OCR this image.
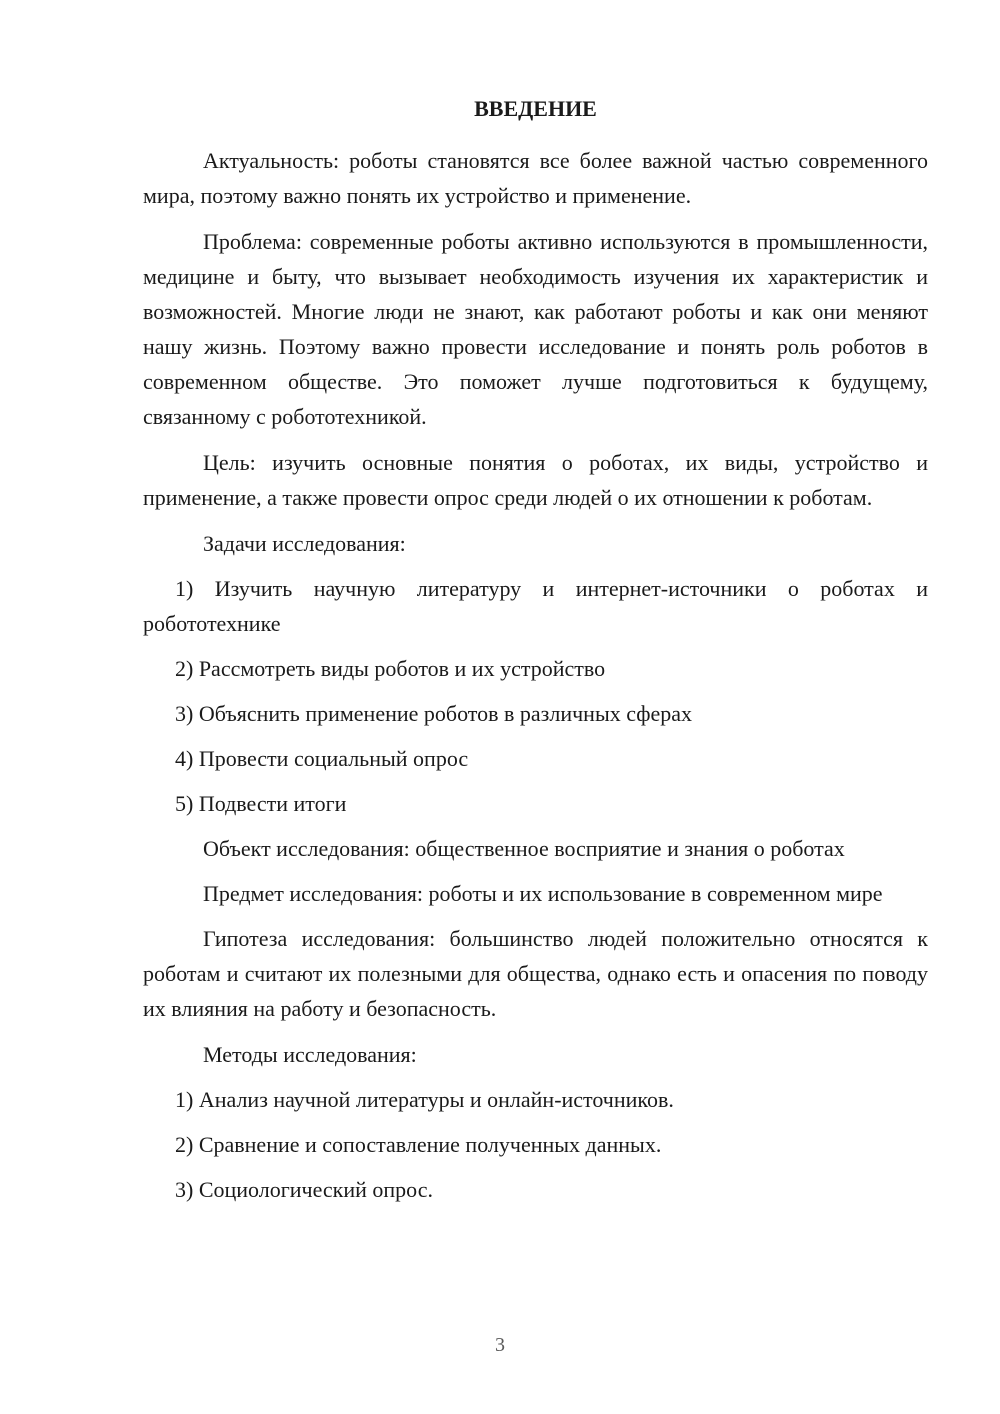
ВВЕДЕНИЕ

Актуальность: роботы становятся все более важной частью современного мира, поэтому важно понять их устройство и применение.

Проблема: современные роботы активно используются в промышленности, медицине и быту, что вызывает необходимость изучения их характеристик и возможностей. Многие люди не знают, как работают роботы и как они меняют нашу жизнь. Поэтому важно провести исследование и понять роль роботов в современном обществе. Это поможет лучше подготовиться к будущему, связанному с робототехникой.

Цель: изучить основные понятия о роботах, их виды, устройство и применение, а также провести опрос среди людей о их отношении к роботам.

Задачи исследования:

1) Изучить научную литературу и интернет-источники о роботах и робототехнике

2) Рассмотреть виды роботов и их устройство

3) Объяснить применение роботов в различных сферах

4) Провести социальный опрос

5) Подвести итоги

Объект исследования: общественное восприятие и знания о роботах

Предмет исследования: роботы и их использование в современном мире

Гипотеза исследования: большинство людей положительно относятся к роботам и считают их полезными для общества, однако есть и опасения по поводу их влияния на работу и безопасность.

Методы исследования:

1) Анализ научной литературы и онлайн-источников.

2) Сравнение и сопоставление полученных данных.

3) Социологический опрос.

3
